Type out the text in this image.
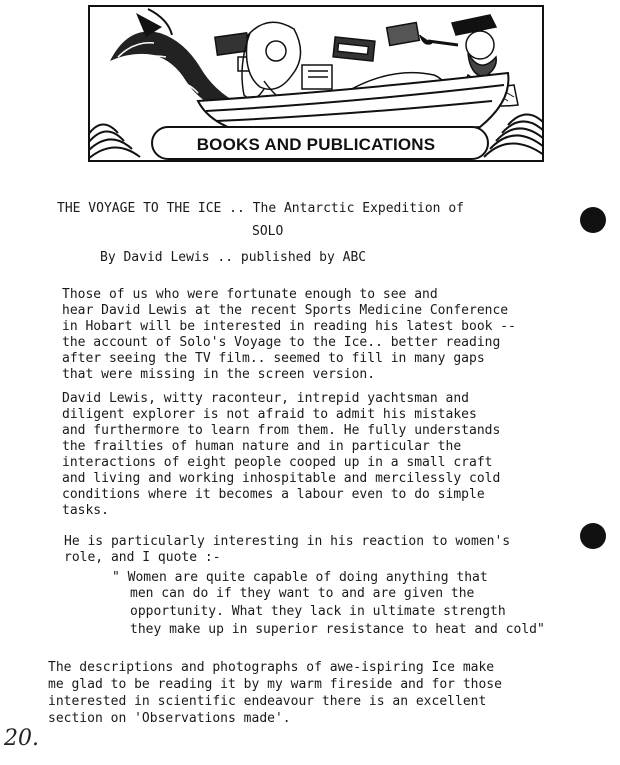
BOOKS AND PUBLICATIONS
THE VOYAGE TO THE ICE .. The Antarctic Expedition of
SOLO
By David Lewis .. published by ABC
Those of us who were fortunate enough to see and
hear David Lewis at the recent Sports Medicine Conference
in Hobart will be interested in reading his latest book --
the account of Solo's Voyage to the Ice.. better reading
after seeing the TV film.. seemed to fill in many gaps
that were missing in the screen version.
David Lewis, witty raconteur, intrepid yachtsman and
diligent explorer is not afraid to admit his mistakes
and furthermore to learn from them. He fully understands
the frailties of human nature and in particular the
interactions of eight people cooped up in a small craft
and living and working inhospitable and mercilessly cold
conditions where it becomes a labour even to do simple
tasks.
He is particularly interesting in his reaction to women's
role, and I quote :-
" Women are quite capable of doing anything that
men can do if they want to and are given the
opportunity. What they lack in ultimate strength
they make up in superior resistance to heat and cold"
The descriptions and photographs of awe-ispiring Ice make
me glad to be reading it by my warm fireside and for those
interested in scientific endeavour there is an excellent
section on 'Observations made'.
20.
